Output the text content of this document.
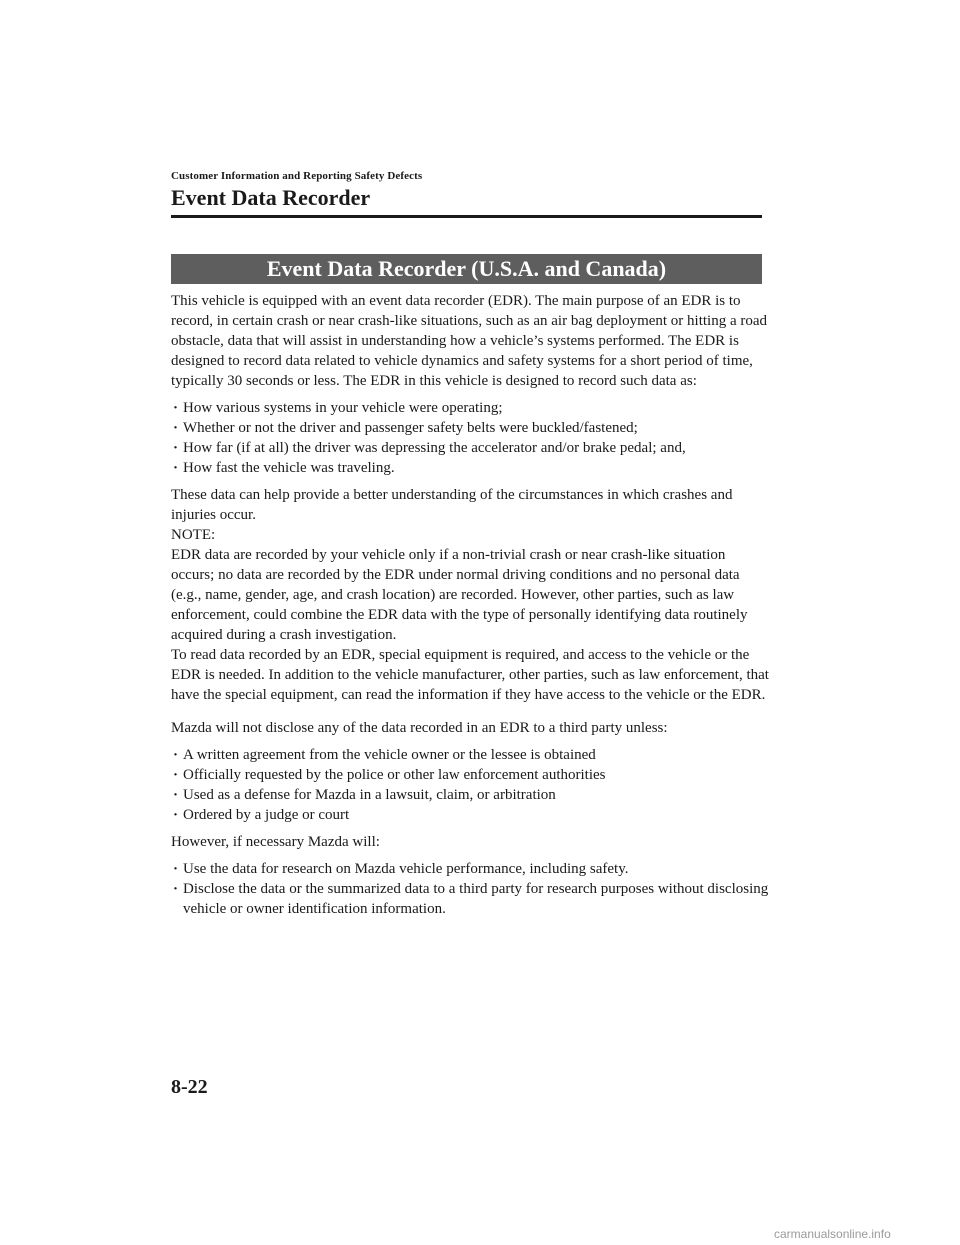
Customer Information and Reporting Safety Defects
Event Data Recorder
Event Data Recorder (U.S.A. and Canada)

This vehicle is equipped with an event data recorder (EDR). The main purpose of an EDR is to record, in certain crash or near crash-like situations, such as an air bag deployment or hitting a road obstacle, data that will assist in understanding how a vehicle’s systems performed. The EDR is designed to record data related to vehicle dynamics and safety systems for a short period of time, typically 30 seconds or less. The EDR in this vehicle is designed to record such data as:

· How various systems in your vehicle were operating;
· Whether or not the driver and passenger safety belts were buckled/fastened;
· How far (if at all) the driver was depressing the accelerator and/or brake pedal; and,
· How fast the vehicle was traveling.

These data can help provide a better understanding of the circumstances in which crashes and injuries occur.

NOTE:

EDR data are recorded by your vehicle only if a non-trivial crash or near crash-like situation occurs; no data are recorded by the EDR under normal driving conditions and no personal data (e.g., name, gender, age, and crash location) are recorded. However, other parties, such as law enforcement, could combine the EDR data with the type of personally identifying data routinely acquired during a crash investigation.

To read data recorded by an EDR, special equipment is required, and access to the vehicle or the EDR is needed. In addition to the vehicle manufacturer, other parties, such as law enforcement, that have the special equipment, can read the information if they have access to the vehicle or the EDR.

Mazda will not disclose any of the data recorded in an EDR to a third party unless:

· A written agreement from the vehicle owner or the lessee is obtained
· Officially requested by the police or other law enforcement authorities
· Used as a defense for Mazda in a lawsuit, claim, or arbitration
· Ordered by a judge or court

However, if necessary Mazda will:

· Use the data for research on Mazda vehicle performance, including safety.
· Disclose the data or the summarized data to a third party for research purposes without disclosing vehicle or owner identification information.
8-22
carmanualsonline.info
